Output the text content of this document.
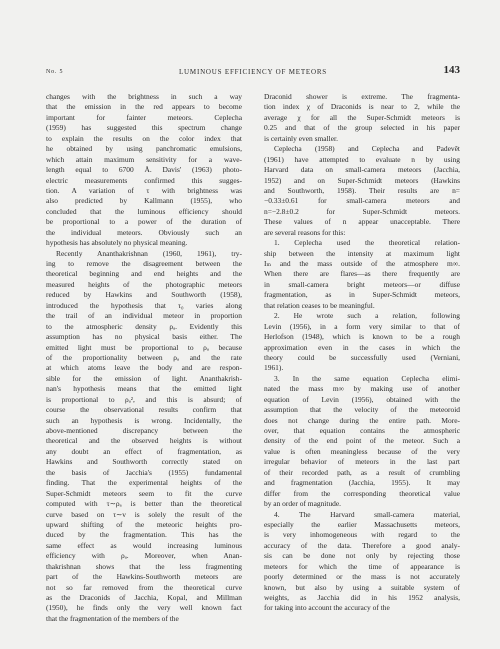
No. 5	LUMINOUS EFFICIENCY OF METEORS	143
changes with the brightness in such a way
that the emission in the red appears to become
important for fainter meteors. Ceplecha
(1959) has suggested this spectrum change
to explain the results on the color index that
he obtained by using panchromatic emulsions,
which attain maximum sensitivity for a wave-
length equal to 6700 Å. Davis' (1963) photo-
electric measurements confirmed this sugges-
tion. A variation of τ with brightness was
also predicted by Kallmann (1955), who
concluded that the luminous efficiency should
be proportional to a power of the duration of
the individual meteors. Obviously such an
hypothesis has absolutely no physical meaning.
Recently Ananthakrishnan (1960, 1961), try-
ing to remove the disagreement between the
theoretical beginning and end heights and the
measured heights of the photographic meteors
reduced by Hawkins and Southworth (1958),
introduced the hypothesis that τ₀ varies along
the trail of an individual meteor in proportion
to the atmospheric density ρₐ. Evidently this
assumption has no physical basis either. The
emitted light must be proportional to ρₐ because
of the proportionality between ρₐ and the rate
at which atoms leave the body and are respon-
sible for the emission of light. Ananthakrish-
nan's hypothesis means that the emitted light
is proportional to ρₐ², and this is absurd; of
course the observational results confirm that
such an hypothesis is wrong. Incidentally, the
above-mentioned discrepancy between the
theoretical and the observed heights is without
any doubt an effect of fragmentation, as
Hawkins and Southworth correctly stated on
the basis of Jacchia's (1955) fundamental
finding. That the experimental heights of the
Super-Schmidt meteors seem to fit the curve
computed with τ∼ρₐ is better than the theoretical
curve based on τ∼v is solely the result of the
upward shifting of the meteoric heights pro-
duced by the fragmentation. This has the
same effect as would increasing luminous
efficiency with ρₐ. Moreover, when Anan-
thakrishnan shows that the less fragmenting
part of the Hawkins-Southworth meteors are
not so far removed from the theoretical curve
as the Draconids of Jacchia, Kopal, and Millman
(1950), he finds only the very well known fact
that the fragmentation of the members of the
Draconid shower is extreme. The fragmenta-
tion index χ of Draconids is near to 2, while the
average χ for all the Super-Schmidt meteors is
0.25 and that of the group selected in his paper
is certainly even smaller.
Ceplecha (1958) and Ceplecha and Padevět
(1961) have attempted to evaluate n by using
Harvard data on small-camera meteors (Jacchia,
1952) and on Super-Schmidt meteors (Hawkins
and Southworth, 1958). Their results are n=
−0.33±0.61 for small-camera meteors and
n=−2.8±0.2 for Super-Schmidt meteors.
These values of n appear unacceptable. There
are several reasons for this:
1. Ceplecha used the theoretical relation-
ship between the intensity at maximum light
Iₘ and the mass outside of the atmosphere m∞.
When there are flares—as there frequently are
in small-camera bright meteors—or diffuse
fragmentation, as in Super-Schmidt meteors,
that relation ceases to be meaningful.
2. He wrote such a relation, following
Levin (1956), in a form very similar to that of
Herlofson (1948), which is known to be a rough
approximation even in the cases in which the
theory could be successfully used (Verniani,
1961).
3. In the same equation Ceplecha elimi-
nated the mass m∞ by making use of another
equation of Levin (1956), obtained with the
assumption that the velocity of the meteoroid
does not change during the entire path. More-
over, that equation contains the atmospheric
density of the end point of the meteor. Such a
value is often meaningless because of the very
irregular behavior of meteors in the last part
of their recorded path, as a result of crumbling
and fragmentation (Jacchia, 1955). It may
differ from the corresponding theoretical value
by an order of magnitude.
4. The Harvard small-camera material,
especially the earlier Massachusetts meteors,
is very inhomogeneous with regard to the
accuracy of the data. Therefore a good analy-
sis can be done not only by rejecting those
meteors for which the time of appearance is
poorly determined or the mass is not accurately
known, but also by using a suitable system of
weights, as Jacchia did in his 1952 analysis,
for taking into account the accuracy of the
